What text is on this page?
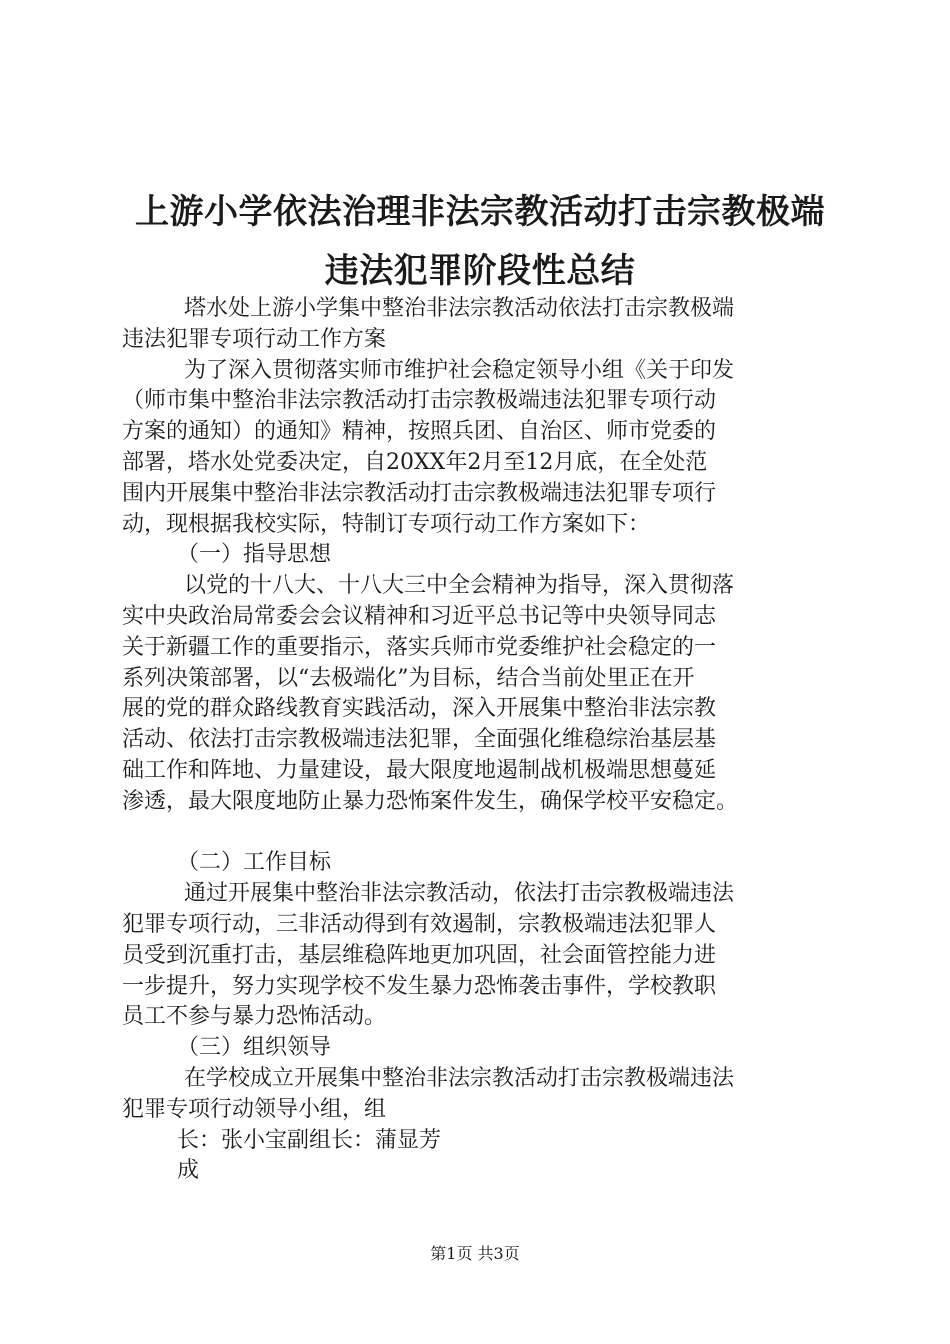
上游小学依法治理非法宗教活动打击宗教极端
违法犯罪阶段性总结
塔水处上游小学集中整治非法宗教活动依法打击宗教极端
违法犯罪专项行动工作方案
为了深入贯彻落实师市维护社会稳定领导小组《关于印发
（师市集中整治非法宗教活动打击宗教极端违法犯罪专项行动
方案的通知）的通知》精神，按照兵团、自治区、师市党委的
部署，塔水处党委决定，自20XX年2月至12月底，在全处范
围内开展集中整治非法宗教活动打击宗教极端违法犯罪专项行
动，现根据我校实际，特制订专项行动工作方案如下：
（一）指导思想
以党的十八大、十八大三中全会精神为指导，深入贯彻落
实中央政治局常委会会议精神和习近平总书记等中央领导同志
关于新疆工作的重要指示，落实兵师市党委维护社会稳定的一
系列决策部署，以“去极端化”为目标，结合当前处里正在开
展的党的群众路线教育实践活动，深入开展集中整治非法宗教
活动、依法打击宗教极端违法犯罪，全面强化维稳综治基层基
础工作和阵地、力量建设，最大限度地遏制战机极端思想蔓延
渗透，最大限度地防止暴力恐怖案件发生，确保学校平安稳定。
（二）工作目标
通过开展集中整治非法宗教活动，依法打击宗教极端违法
犯罪专项行动，三非活动得到有效遏制，宗教极端违法犯罪人
员受到沉重打击，基层维稳阵地更加巩固，社会面管控能力进
一步提升，努力实现学校不发生暴力恐怖袭击事件，学校教职
员工不参与暴力恐怖活动。
（三）组织领导
在学校成立开展集中整治非法宗教活动打击宗教极端违法
犯罪专项行动领导小组，组
长：张小宝副组长：蒲显芳
成
第1页 共3页
